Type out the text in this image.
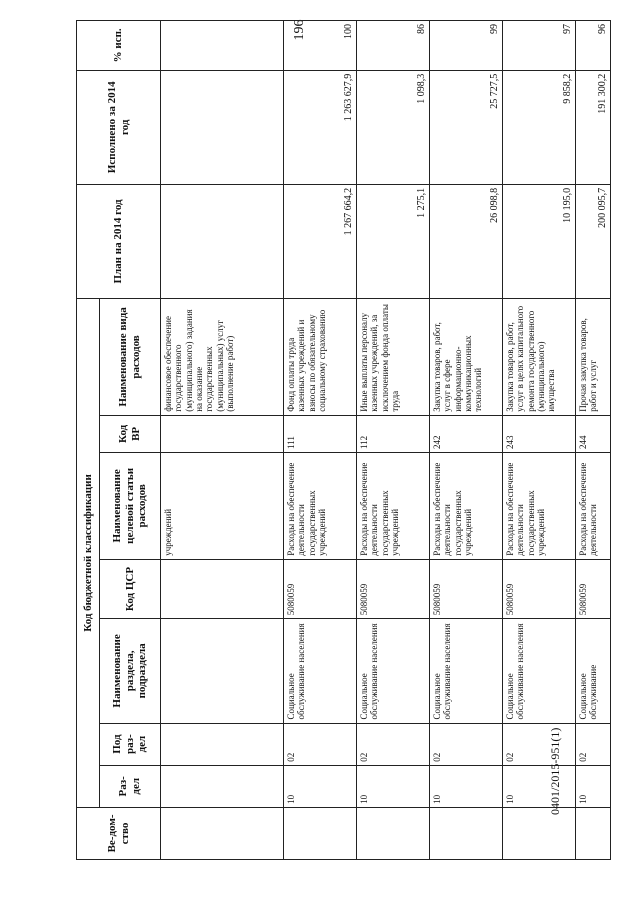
196
Ве-дом-ство	Код бюджетной классификации							План на 2014 год	Исполнено за 2014 год	% исп.
	Раз-дел	Под раз-дел	Наименование раздела, подраздела	Код ЦСР	Наименование целевой статьи расходов	Код ВР	Наименование вида расходов			
					учреждений		финансовое обеспечение государственного (муниципального) задания на оказание государственных (муниципальных) услуг (выполнение работ)			
	10	02	Социальное обслуживание населения	5080059	Расходы на обеспечение деятельности государственных учреждений	111	Фонд оплаты труда казенных учреждений и взносы по обязательному социальному страхованию	1 267 664,2	1 263 627,9	100
	10	02	Социальное обслуживание населения	5080059	Расходы на обеспечение деятельности государственных учреждений	112	Иные выплаты персоналу казенных учреждений, за исключением фонда оплаты труда	1 275,1	1 098,3	86
	10	02	Социальное обслуживание населения	5080059	Расходы на обеспечение деятельности государственных учреждений	242	Закупка товаров, работ, услуг в сфере информационно-коммуникационных технологий	26 098,8	25 727,5	99
	10	02	Социальное обслуживание населения	5080059	Расходы на обеспечение деятельности государственных учреждений	243	Закупка товаров, работ, услуг в целях капитального ремонта государственного (муниципального) имущества	10 195,0	9 858,2	97
	10	02	Социальное обслуживание	5080059	Расходы на обеспечение деятельности	244	Прочая закупка товаров, работ и услуг	200 095,7	191 300,2	96
0401/2015-951(1)
